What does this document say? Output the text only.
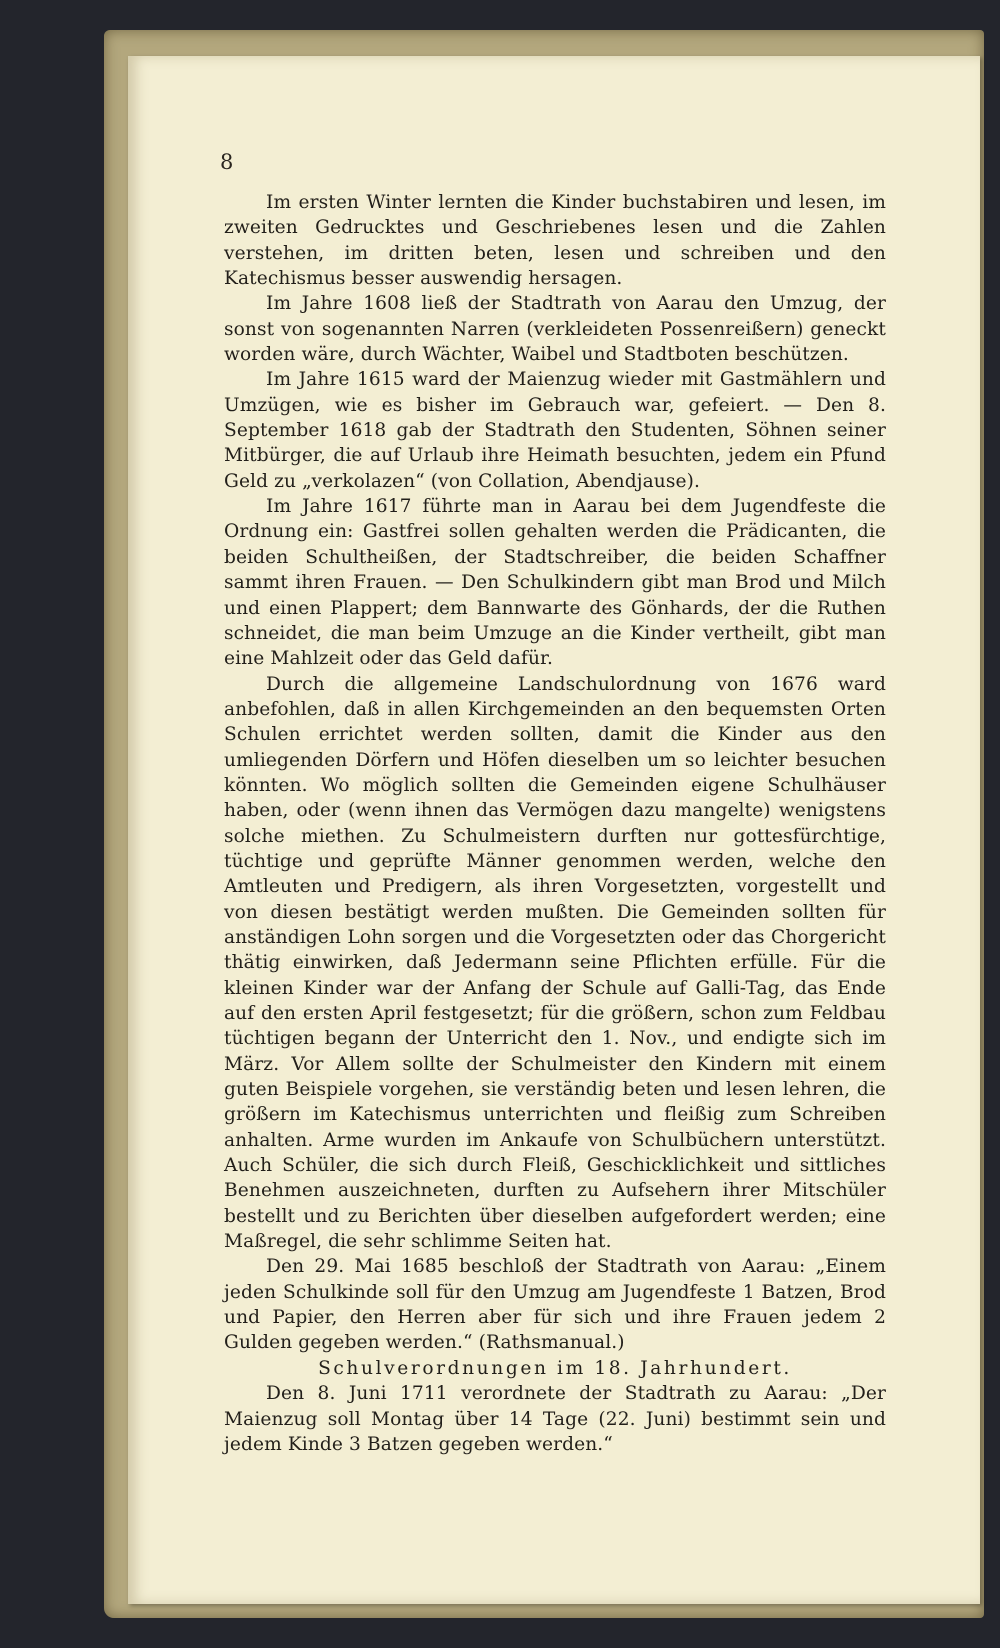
8

Im ersten Winter lernten die Kinder buchstabiren und lesen, im zweiten Gedrucktes und Geschriebenes lesen und die Zahlen verstehen, im dritten beten, lesen und schreiben und den Katechismus besser auswendig hersagen.

Im Jahre 1608 ließ der Stadtrath von Aarau den Umzug, der sonst von sogenannten Narren (verkleideten Possenreißern) geneckt worden wäre, durch Wächter, Waibel und Stadtboten beschützen.

Im Jahre 1615 ward der Maienzug wieder mit Gastmählern und Umzügen, wie es bisher im Gebrauch war, gefeiert. — Den 8. September 1618 gab der Stadtrath den Studenten, Söhnen seiner Mitbürger, die auf Urlaub ihre Heimath besuchten, jedem ein Pfund Geld zu „verkolazen“ (von Collation, Abendjause).

Im Jahre 1617 führte man in Aarau bei dem Jugendfeste die Ordnung ein: Gastfrei sollen gehalten werden die Prädicanten, die beiden Schultheißen, der Stadtschreiber, die beiden Schaffner sammt ihren Frauen. — Den Schulkindern gibt man Brod und Milch und einen Plappert; dem Bannwarte des Gönhards, der die Ruthen schneidet, die man beim Umzuge an die Kinder vertheilt, gibt man eine Mahlzeit oder das Geld dafür.

Durch die allgemeine Landschulordnung von 1676 ward anbefohlen, daß in allen Kirchgemeinden an den bequemsten Orten Schulen errichtet werden sollten, damit die Kinder aus den umliegenden Dörfern und Höfen dieselben um so leichter besuchen könnten. Wo möglich sollten die Gemeinden eigene Schulhäuser haben, oder (wenn ihnen das Vermögen dazu mangelte) wenigstens solche miethen. Zu Schulmeistern durften nur gottesfürchtige, tüchtige und geprüfte Männer genommen werden, welche den Amtleuten und Predigern, als ihren Vorgesetzten, vorgestellt und von diesen bestätigt werden mußten. Die Gemeinden sollten für anständigen Lohn sorgen und die Vorgesetzten oder das Chorgericht thätig einwirken, daß Jedermann seine Pflichten erfülle. Für die kleinen Kinder war der Anfang der Schule auf Galli-Tag, das Ende auf den ersten April festgesetzt; für die größern, schon zum Feldbau tüchtigen begann der Unterricht den 1. Nov., und endigte sich im März. Vor Allem sollte der Schulmeister den Kindern mit einem guten Beispiele vorgehen, sie verständig beten und lesen lehren, die größern im Katechismus unterrichten und fleißig zum Schreiben anhalten. Arme wurden im Ankaufe von Schulbüchern unterstützt. Auch Schüler, die sich durch Fleiß, Geschicklichkeit und sittliches Benehmen auszeichneten, durften zu Aufsehern ihrer Mitschüler bestellt und zu Berichten über dieselben aufgefordert werden; eine Maßregel, die sehr schlimme Seiten hat.

Den 29. Mai 1685 beschloß der Stadtrath von Aarau: „Einem jeden Schulkinde soll für den Umzug am Jugendfeste 1 Batzen, Brod und Papier, den Herren aber für sich und ihre Frauen jedem 2 Gulden gegeben werden.“ (Rathsmanual.)

Schulverordnungen im 18. Jahrhundert.

Den 8. Juni 1711 verordnete der Stadtrath zu Aarau: „Der Maienzug soll Montag über 14 Tage (22. Juni) bestimmt sein und jedem Kinde 3 Batzen gegeben werden.“
